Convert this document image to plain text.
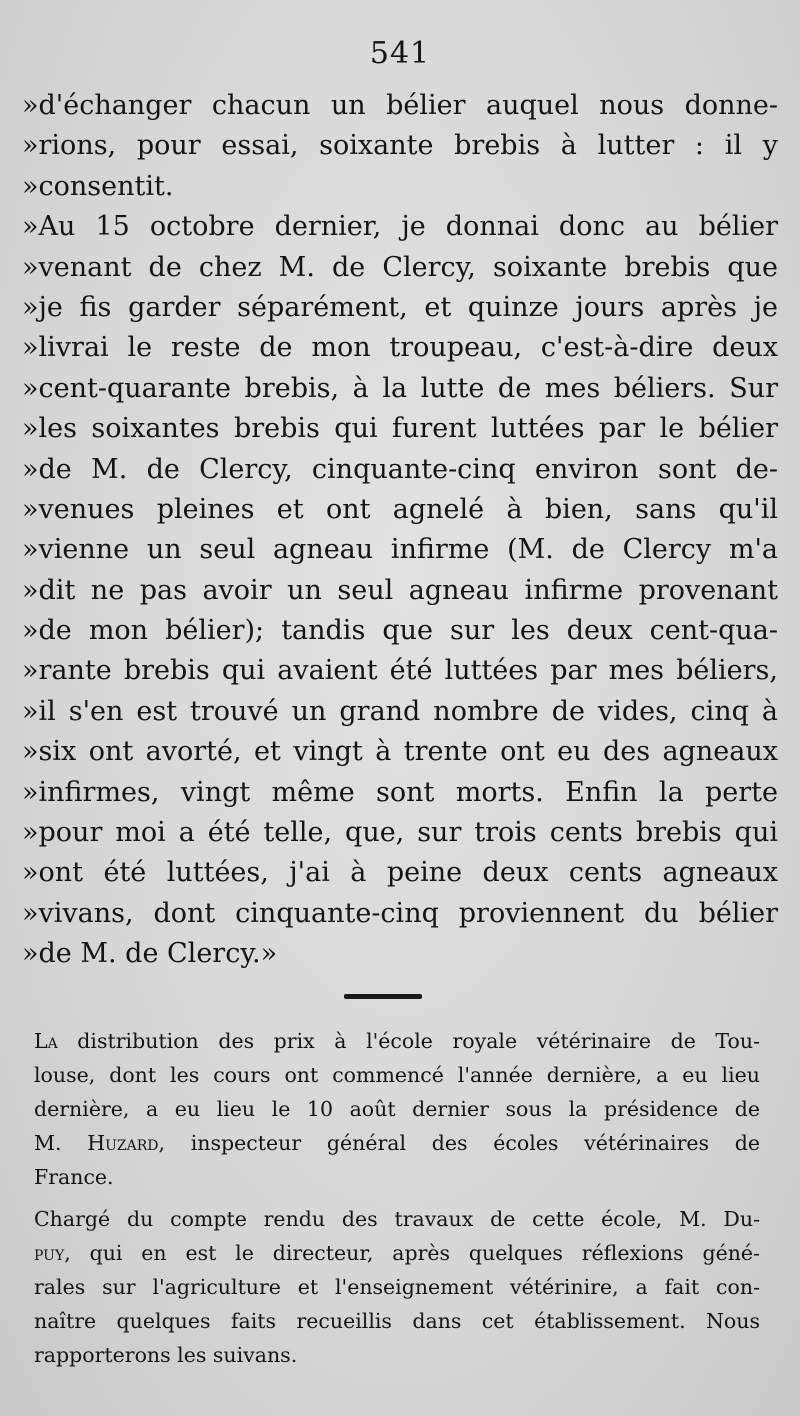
541
»d'échanger chacun un bélier auquel nous donne-
»rions, pour essai, soixante brebis à lutter : il y
»consentit.
»Au 15 octobre dernier, je donnai donc au bélier
»venant de chez M. de Clercy, soixante brebis que
»je fis garder séparément, et quinze jours après je
»livrai le reste de mon troupeau, c'est-à-dire deux
»cent-quarante brebis, à la lutte de mes béliers. Sur
»les soixantes brebis qui furent luttées par le bélier
»de M. de Clercy, cinquante-cinq environ sont de-
»venues pleines et ont agnelé à bien, sans qu'il
»vienne un seul agneau infirme (M. de Clercy m'a
»dit ne pas avoir un seul agneau infirme provenant
»de mon bélier); tandis que sur les deux cent-qua-
»rante brebis qui avaient été luttées par mes béliers,
»il s'en est trouvé un grand nombre de vides, cinq à
»six ont avorté, et vingt à trente ont eu des agneaux
»infirmes, vingt même sont morts. Enfin la perte
»pour moi a été telle, que, sur trois cents brebis qui
»ont été luttées, j'ai à peine deux cents agneaux
»vivans, dont cinquante-cinq proviennent du bélier
»de M. de Clercy.»
La distribution des prix à l'école royale vétérinaire de Tou-
louse, dont les cours ont commencé l'année dernière, a eu lieu
dernière, a eu lieu le 10 août dernier sous la présidence de
M. Huzard, inspecteur général des écoles vétérinaires de
France.
Chargé du compte rendu des travaux de cette école, M. Du-
puy, qui en est le directeur, après quelques réflexions géné-
rales sur l'agriculture et l'enseignement vétérinire, a fait con-
naître quelques faits recueillis dans cet établissement. Nous
rapporterons les suivans.
